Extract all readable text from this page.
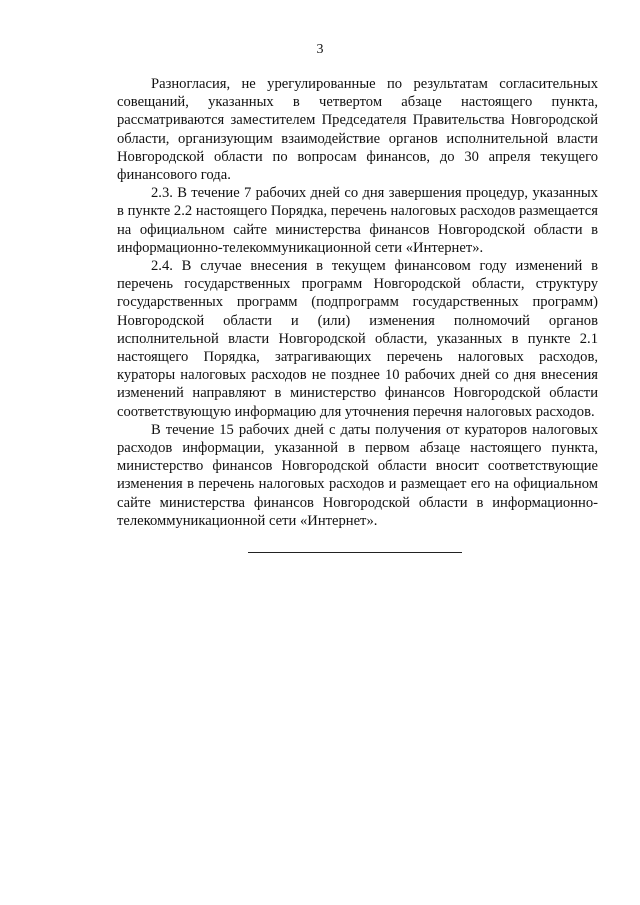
3

Разногласия, не урегулированные по результатам согласительных совещаний, указанных в четвертом абзаце настоящего пункта, рассматриваются заместителем Председателя Правительства Новгородской области, организующим взаимодействие органов исполнительной власти Новгородской области по вопросам финансов, до 30 апреля текущего финансового года.

2.3. В течение 7 рабочих дней со дня завершения процедур, указанных в пункте 2.2 настоящего Порядка, перечень налоговых расходов размещается на официальном сайте министерства финансов Новгородской области в информационно-телекоммуникационной сети «Интернет».

2.4. В случае внесения в текущем финансовом году изменений в перечень государственных программ Новгородской области, структуру государственных программ (подпрограмм государственных программ) Новгородской области и (или) изменения полномочий органов исполнительной власти Новгородской области, указанных в пункте 2.1 настоящего Порядка, затрагивающих перечень налоговых расходов, кураторы налоговых расходов не позднее 10 рабочих дней со дня внесения изменений направляют в министерство финансов Новгородской области соответствующую информацию для уточнения перечня налоговых расходов.

В течение 15 рабочих дней с даты получения от кураторов налоговых расходов информации, указанной в первом абзаце настоящего пункта, министерство финансов Новгородской области вносит соответствующие изменения в перечень налоговых расходов и размещает его на официальном сайте министерства финансов Новгородской области в информационно-телекоммуникационной сети «Интернет».
